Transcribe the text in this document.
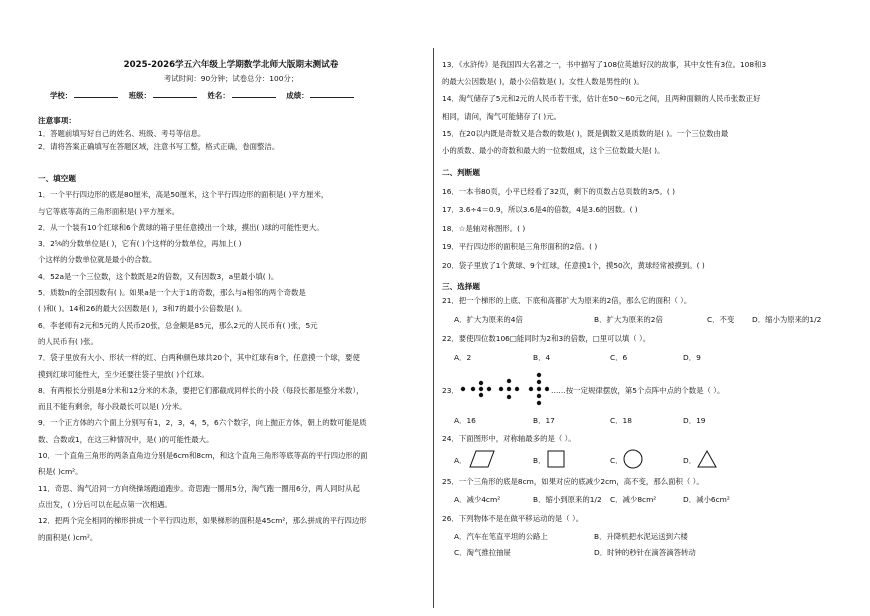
2025-2026学五六年级上学期数学北师大版期末测试卷
考试时间：90分钟；试卷总分：100分；
学校：	班级：	姓名：	成绩：
注意事项：
1．答题前填写好自己的姓名、班级、考号等信息。
2．请将答案正确填写在答题区域，注意书写工整，格式正确，卷面整洁。
一、填空题
1．一个平行四边形的底是80厘米，高是50厘米，这个平行四边形的面积是( )平方厘米，
与它等底等高的三角形面积是( )平方厘米。
2．从一个装有10个红球和6个黄球的箱子里任意摸出一个球，摸出( )球的可能性更大。
3．2⁵⁄₉的分数单位是( )，它有( )个这样的分数单位，再加上( )
个这样的分数单位就是最小的合数。
4．52a是一个三位数，这个数既是2的倍数，又有因数3，a里最小填( )。
5．质数n的全部因数有( )。如果a是一个大于1的奇数，那么与a相邻的两个奇数是
( )和( )。14和26的最大公因数是( )，3和7的最小公倍数是( )。
6．李老师有2元和5元的人民币20张，总金额是85元，那么2元的人民币有( )张，5元
的人民币有( )张。
7．袋子里放有大小、形状一样的红、白两种颜色球共20个，其中红球有8个，任意摸一个球，要使
摸到红球可能性大，至少还要往袋子里放( )个红球。
8．有两根长分别是8分米和12分米的木条，要把它们都截成同样长的小段（每段长都是整分米数），
而且不能有剩余，每小段最长可以是( )分米。
9．一个正方体的六个面上分别写有1，2，3，4，5，6六个数字，向上抛正方体，朝上的数可能是质
数、合数或1，在这三种情况中，是( )的可能性最大。
10．一个直角三角形的两条直角边分别是6cm和8cm，和这个直角三角形等底等高的平行四边形的面
积是( )cm²。
11．奇思、淘气沿同一方向绕操场跑道跑步。奇思跑一圈用5分，淘气跑一圈用6分，两人同时从起
点出发，( )分后可以在起点第一次相遇。
12．把两个完全相同的梯形拼成一个平行四边形，如果梯形的面积是45cm²，那么拼成的平行四边形
的面积是( )cm²。
13．《水浒传》是我国四大名著之一，书中描写了108位英雄好汉的故事，其中女性有3位。108和3
的最大公因数是( )，最小公倍数是( )。女性人数是男性的( )。
14．淘气储存了5元和2元的人民币若干张，估计在50～60元之间，且两种面额的人民币张数正好
相同，请问，淘气可能储存了( )元。
15．在20以内既是奇数又是合数的数是( )，既是偶数又是质数的是( )。一个三位数由最
小的质数、最小的奇数和最大的一位数组成，这个三位数最大是( )。
二、判断题
16．一本书80页，小平已经看了32页，剩下的页数占总页数的3/5。( )
17．3.6÷4＝0.9，所以3.6是4的倍数，4是3.6的因数。( )
18．☆是轴对称图形。( )
19．平行四边形的面积是三角形面积的2倍。( )
20．袋子里放了1个黄球、9个红球，任意摸1个，摸50次，黄球经常被摸到。( )
三、选择题
21．把一个梯形的上底、下底和高都扩大为原来的2倍，那么它的面积（ ）。
A．扩大为原来的4倍	B．扩大为原来的2倍	C．不变 D．缩小为原来的1/2
22．要使四位数106□能同时为2和3的倍数，□里可以填（ ）。
A．2	B．4	C．6	D．9
23．	……按一定规律摆放，第5个点阵中点的个数是（ ）。
A．16	B．17	C．18	D．19
24．下面图形中，对称轴最多的是（ ）。
A．	B．	C．	D．
25．一个三角形的底是8cm，如果对应的底减少2cm，高不变，那么面积（ ）。
A．减少4cm²	B．缩小到原来的1/2 C．减少8cm²	D．减小6cm²
26．下列物体不是在做平移运动的是（ ）。
A．汽车在笔直平坦的公路上	B．升降机把水泥运送到六楼
C．淘气推拉抽屉	D．时钟的秒针在滴答滴答转动
